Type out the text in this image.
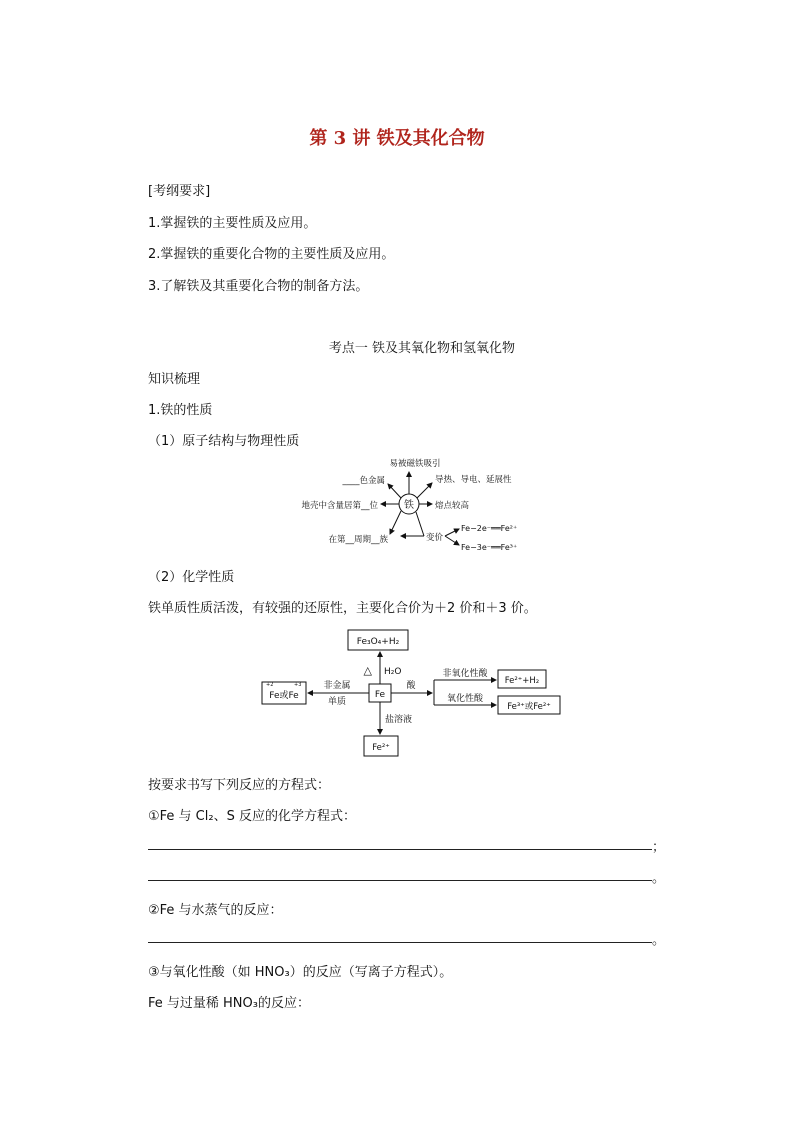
第 3 讲 铁及其化合物
[考纲要求]
1.掌握铁的主要性质及应用。
2.掌握铁的重要化合物的主要性质及应用。
3.了解铁及其重要化合物的制备方法。
考点一 铁及其氧化物和氢氧化物
知识梳理
1.铁的性质
（1）原子结构与物理性质
铁
易被磁铁吸引
____色金属
地壳中含量居第__位
在第__周期__族
导热、导电、延展性
熔点较高
变价
Fe−2e⁻══Fe²⁺
Fe−3e⁻══Fe³⁺
（2）化学性质
铁单质性质活泼，有较强的还原性，主要化合价为＋2 价和＋3 价。
Fe₃O₄+H₂
Fe
△ H₂O
+2	+3
Fe或Fe
非金属
单质
酸
非氧化性酸
氧化性酸
Fe²⁺+H₂
Fe³⁺或Fe²⁺
盐溶液
Fe²⁺
按要求书写下列反应的方程式：
①Fe 与 Cl₂、S 反应的化学方程式：
；
。
②Fe 与水蒸气的反应：
。
③与氧化性酸（如 HNO₃）的反应（写离子方程式）。
Fe 与过量稀 HNO₃的反应：
